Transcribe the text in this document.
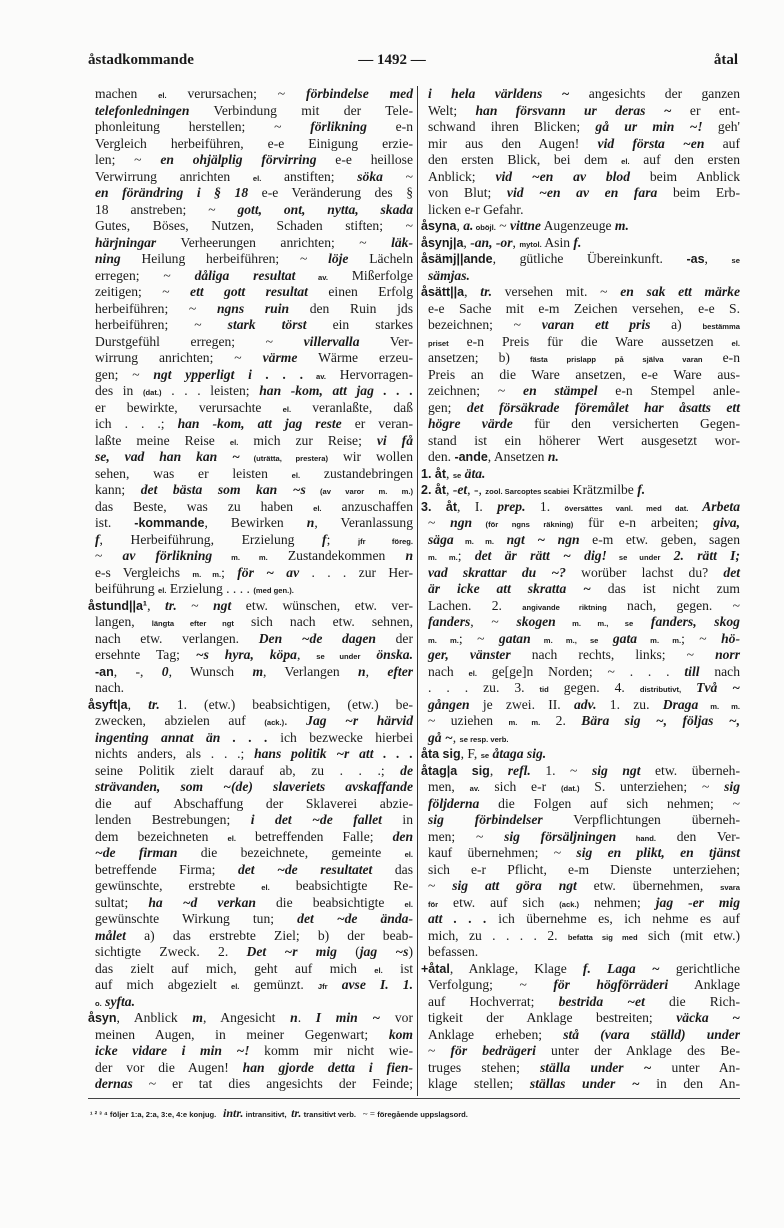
åstadkommande	— 1492 —	åtal
machen el. verursachen; ~ förbindelse med
telefonledningen Verbindung mit der Tele-
phonleitung herstellen; ~ förlikning e-n
Vergleich herbeiführen, e-e Einigung erzie-
len; ~ en ohjälplig förvirring e-e heillose
Verwirrung anrichten el. anstiften; söka ~
en förändring i § 18 e-e Veränderung des §
18 anstreben; ~ gott, ont, nytta, skada
Gutes, Böses, Nutzen, Schaden stiften; ~
härjningar Verheerungen anrichten; ~ läk-
ning Heilung herbeiführen; ~ löje Lächeln
erregen; ~ dåliga resultat av. Mißerfolge
zeitigen; ~ ett gott resultat einen Erfolg
herbeiführen; ~ ngns ruin den Ruin jds
herbeiführen; ~ stark törst ein starkes
Durstgefühl erregen; ~ villervalla Ver-
wirrung anrichten; ~ värme Wärme erzeu-
gen; ~ ngt ypperligt i . . . av. Hervorragen-
des in (dat.) . . . leisten; han -kom, att jag . . .
er bewirkte, verursachte el. veranlaßte, daß
ich . . .; han -kom, att jag reste er veran-
laßte meine Reise el. mich zur Reise; vi få
se, vad han kan ~ (uträtta, prestera) wir wollen
sehen, was er leisten el. zustandebringen
kann; det bästa som kan ~s (av varor m. m.)
das Beste, was zu haben el. anzuschaffen
ist. -kommande, Bewirken n, Veranlassung
f, Herbeiführung, Erzielung f; jfr föreg.
~ av förlikning m. m. Zustandekommen n
e-s Vergleichs m. m.; för ~ av . . . zur Her-
beiführung el. Erzielung . . . . (med gen.).
åstund||a¹, tr. ~ ngt etw. wünschen, etw. ver-
langen, längta efter ngt sich nach etw. sehnen,
nach etw. verlangen. Den ~de dagen der
ersehnte Tag; ~s hyra, köpa, se under önska.
-an, -, 0, Wunsch m, Verlangen n, efter
nach.
åsyft|a, tr. 1. (etw.) beabsichtigen, (etw.) be-
zwecken, abzielen auf (ack.). Jag ~r härvid
ingenting annat än . . . ich bezwecke hierbei
nichts anders, als . . .; hans politik ~r att . . .
seine Politik zielt darauf ab, zu . . .; de
strävanden, som ~(de) slaveriets avskaffande
die auf Abschaffung der Sklaverei abzie-
lenden Bestrebungen; i det ~de fallet in
dem bezeichneten el. betreffenden Falle; den
~de firman die bezeichnete, gemeinte el.
betreffende Firma; det ~de resultatet das
gewünschte, erstrebte el. beabsichtigte Re-
sultat; ha ~d verkan die beabsichtigte el.
gewünschte Wirkung tun; det ~de ända-
målet a) das erstrebte Ziel; b) der beab-
sichtigte Zweck. 2. Det ~r mig (jag ~s)
das zielt auf mich, geht auf mich el. ist
auf mich abgezielt el. gemünzt. Jfr avse I. 1.
o. syfta.
åsyn, Anblick m, Angesicht n. I min ~ vor
meinen Augen, in meiner Gegenwart; kom
icke vidare i min ~! komm mir nicht wie-
der vor die Augen! han gjorde detta i fien-
dernas ~ er tat dies angesichts der Feinde;
i hela världens ~ angesichts der ganzen
Welt; han försvann ur deras ~ er ent-
schwand ihren Blicken; gå ur min ~! geh'
mir aus den Augen! vid första ~en auf
den ersten Blick, bei dem el. auf den ersten
Anblick; vid ~en av blod beim Anblick
von Blut; vid ~en av en fara beim Erb-
licken e-r Gefahr.
åsyna, a. oböjl. ~ vittne Augenzeuge m.
åsynj|a, -an, -or, mytol. Asin f.
åsämj||ande, gütliche Übereinkunft. -as, se
sämjas.
åsätt||a, tr. versehen mit. ~ en sak ett märke
e-e Sache mit e-m Zeichen versehen, e-e S.
bezeichnen; ~ varan ett pris a) bestämma
priset e-n Preis für die Ware aussetzen el.
ansetzen; b) fästa prislapp på själva varan e-n
Preis an die Ware ansetzen, e-e Ware aus-
zeichnen; ~ en stämpel e-n Stempel anle-
gen; det försäkrade föremålet har åsatts ett
högre värde für den versicherten Gegen-
stand ist ein höherer Wert ausgesetzt wor-
den. -ande, Ansetzen n.
1. åt, se äta.
2. åt, -et, -, zool. Sarcoptes scabiei Krätzmilbe f.
3. åt, I. prep. 1. översättes vanl. med dat. Arbeta
~ ngn (för ngns räkning) für e-n arbeiten; giva,
säga m. m. ngt ~ ngn e-m etw. geben, sagen
m. m.; det är rätt ~ dig! se under 2. rätt I;
vad skrattar du ~? worüber lachst du? det
är icke att skratta ~ das ist nicht zum
Lachen. 2. angivande riktning nach, gegen. ~
fanders, ~ skogen m. m., se fanders, skog
m. m.; ~ gatan m. m., se gata m. m.; ~ hö-
ger, vänster nach rechts, links; ~ norr
nach el. ge[ge]n Norden; ~ . . . till nach
. . . zu. 3. tid gegen. 4. distributivt, Två ~
gången je zwei. II. adv. 1. zu. Draga m. m.
~ uziehen m. m. 2. Bära sig ~, följas ~,
gå ~, se resp. verb.
åta sig, F, se åtaga sig.
åtag|a sig, refl. 1. ~ sig ngt etw. überneh-
men, av. sich e-r (dat.) S. unterziehen; ~ sig
följderna die Folgen auf sich nehmen; ~
sig förbindelser Verpflichtungen überneh-
men; ~ sig försäljningen hand. den Ver-
kauf übernehmen; ~ sig en plikt, en tjänst
sich e-r Pflicht, e-m Dienste unterziehen;
~ sig att göra ngt etw. übernehmen, svara
för etw. auf sich (ack.) nehmen; jag -er mig
att . . . ich übernehme es, ich nehme es auf
mich, zu . . . . 2. befatta sig med sich (mit etw.)
befassen.
+åtal, Anklage, Klage f. Laga ~ gerichtliche
Verfolgung; ~ för högförräderi Anklage
auf Hochverrat; bestrida ~et die Rich-
tigkeit der Anklage bestreiten; väcka ~
Anklage erheben; stå (vara ställd) under
~ för bedrägeri unter der Anklage des Be-
truges stehen; ställa under ~ unter An-
klage stellen; ställas under ~ in den An-
¹ ² ³ ⁴ följer 1:a, 2:a, 3:e, 4:e konjug. intr. intransitivt, tr. transitivt verb. ~ = föregående uppslagsord.
